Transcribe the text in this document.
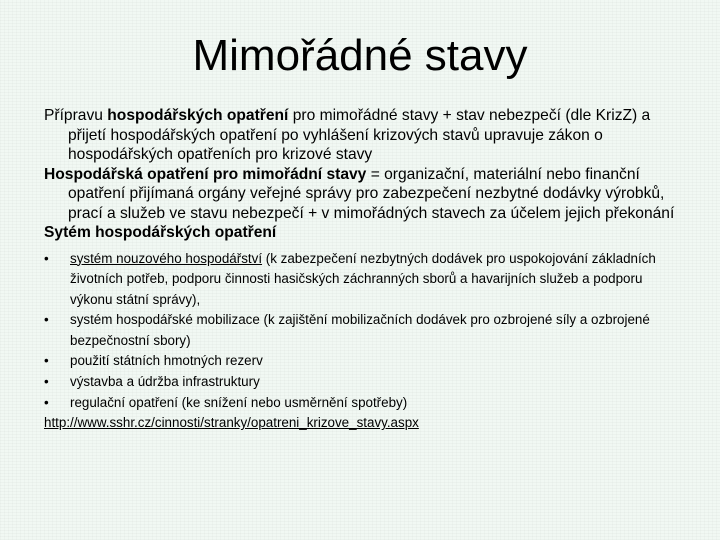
Mimořádné stavy

Přípravu hospodářských opatření pro mimořádné stavy + stav nebezpečí (dle KrizZ) a přijetí hospodářských opatření po vyhlášení krizových stavů upravuje zákon o hospodářských opatřeních pro krizové stavy

Hospodářská opatření pro mimořádní stavy = organizační, materiální nebo finanční opatření přijímaná orgány veřejné správy pro zabezpečení nezbytné dodávky výrobků, prací a služeb ve stavu nebezpečí + v mimořádných stavech za účelem jejich překonání

Sytém hospodářských opatření

• systém nouzového hospodářství (k zabezpečení nezbytných dodávek pro uspokojování základních životních potřeb, podporu činnosti hasičských záchranných sborů a havarijních služeb a podporu výkonu státní správy),
• systém hospodářské mobilizace (k zajištění mobilizačních dodávek pro ozbrojené síly a ozbrojené bezpečnostní sbory)
• použití státních hmotných rezerv
• výstavba a údržba infrastruktury
• regulační opatření (ke snížení nebo usměrnění spotřeby)
http://www.sshr.cz/cinnosti/stranky/opatreni_krizove_stavy.aspx
